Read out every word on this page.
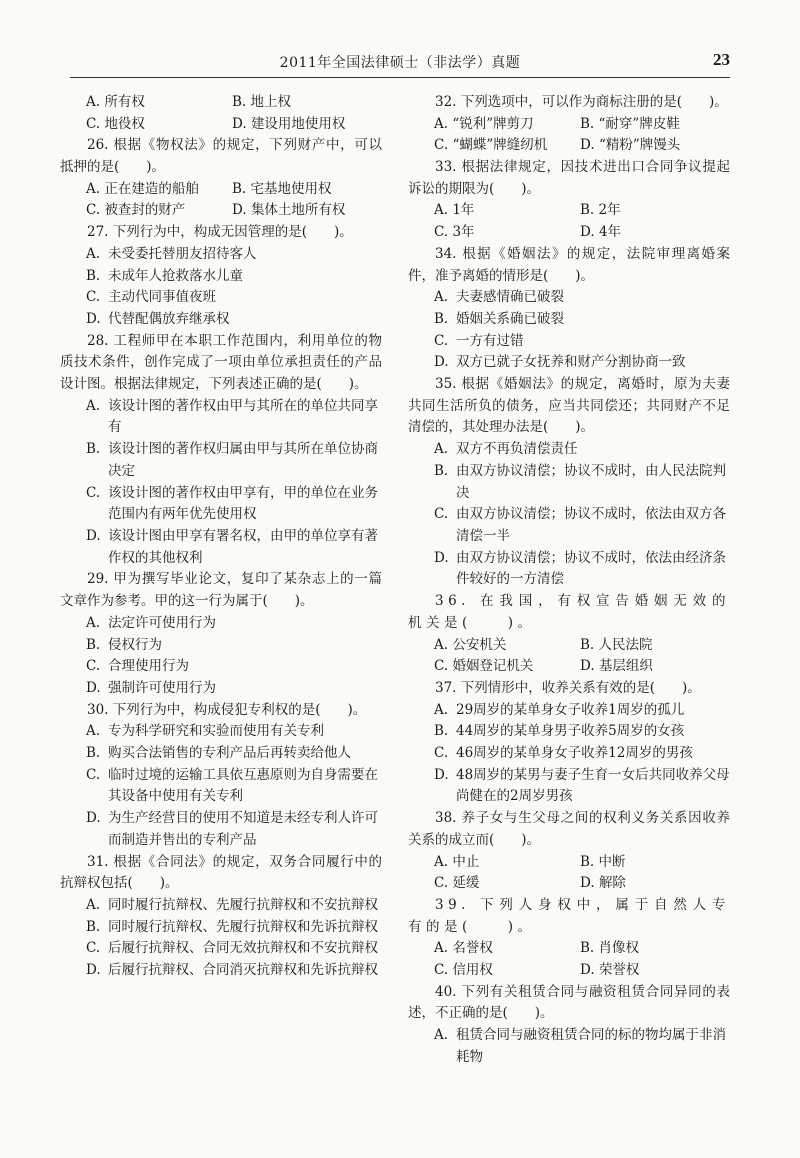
2011年全国法律硕士（非法学）真题	23
A. 所有权	B. 地上权
C. 地役权	D. 建设用地使用权
26. 根据《物权法》的规定，下列财产中，可以抵押的是(　　)。
A. 正在建造的船舶 B. 宅基地使用权
C. 被查封的财产	D. 集体土地所有权
27. 下列行为中，构成无因管理的是(　　)。
A. 未受委托替朋友招待客人
B. 未成年人抢救落水儿童
C. 主动代同事值夜班
D. 代替配偶放弃继承权
28. 工程师甲在本职工作范围内，利用单位的物质技术条件，创作完成了一项由单位承担责任的产品设计图。根据法律规定，下列表述正确的是(　　)。
A. 该设计图的著作权由甲与其所在的单位共同享有
B. 该设计图的著作权归属由甲与其所在单位协商决定
C. 该设计图的著作权由甲享有，甲的单位在业务范围内有两年优先使用权
D. 该设计图由甲享有署名权，由甲的单位享有著作权的其他权利
29. 甲为撰写毕业论文，复印了某杂志上的一篇文章作为参考。甲的这一行为属于(　　)。
A. 法定许可使用行为
B. 侵权行为
C. 合理使用行为
D. 强制许可使用行为
30. 下列行为中，构成侵犯专利权的是(　　)。
A. 专为科学研究和实验而使用有关专利
B. 购买合法销售的专利产品后再转卖给他人
C. 临时过境的运输工具依互惠原则为自身需要在其设备中使用有关专利
D. 为生产经营目的使用不知道是未经专利人许可而制造并售出的专利产品
31. 根据《合同法》的规定，双务合同履行中的抗辩权包括(　　)。
A. 同时履行抗辩权、先履行抗辩权和不安抗辩权
B. 同时履行抗辩权、先履行抗辩权和先诉抗辩权
C. 后履行抗辩权、合同无效抗辩权和不安抗辩权
D. 后履行抗辩权、合同消灭抗辩权和先诉抗辩权
32. 下列选项中，可以作为商标注册的是(　　)。
A. “锐利”牌剪刀	B. “耐穿”牌皮鞋
C. “蝴蝶”牌缝纫机 D. “精粉”牌馒头
33. 根据法律规定，因技术进出口合同争议提起诉讼的期限为(　　)。
A. 1年	B. 2年
C. 3年	D. 4年
34. 根据《婚姻法》的规定，法院审理离婚案件，准予离婚的情形是(　　)。
A. 夫妻感情确已破裂
B. 婚姻关系确已破裂
C. 一方有过错
D. 双方已就子女抚养和财产分割协商一致
35. 根据《婚姻法》的规定，离婚时，原为夫妻共同生活所负的债务，应当共同偿还；共同财产不足清偿的，其处理办法是(　　)。
A. 双方不再负清偿责任
B. 由双方协议清偿；协议不成时，由人民法院判决
C. 由双方协议清偿；协议不成时，依法由双方各清偿一半
D. 由双方协议清偿；协议不成时，依法由经济条件较好的一方清偿
36. 在我国，有权宣告婚姻无效的机关是(　　)。
A. 公安机关	B. 人民法院
C. 婚姻登记机关	D. 基层组织
37. 下列情形中，收养关系有效的是(　　)。
A. 29周岁的某单身女子收养1周岁的孤儿
B. 44周岁的某单身男子收养5周岁的女孩
C. 46周岁的某单身女子收养12周岁的男孩
D. 48周岁的某男与妻子生育一女后共同收养父母尚健在的2周岁男孩
38. 养子女与生父母之间的权利义务关系因收养关系的成立而(　　)。
A. 中止	B. 中断
C. 延缓	D. 解除
39. 下列人身权中，属于自然人专有的是(　　)。
A. 名誉权	B. 肖像权
C. 信用权	D. 荣誉权
40. 下列有关租赁合同与融资租赁合同异同的表述，不正确的是(　　)。
A. 租赁合同与融资租赁合同的标的物均属于非消耗物
